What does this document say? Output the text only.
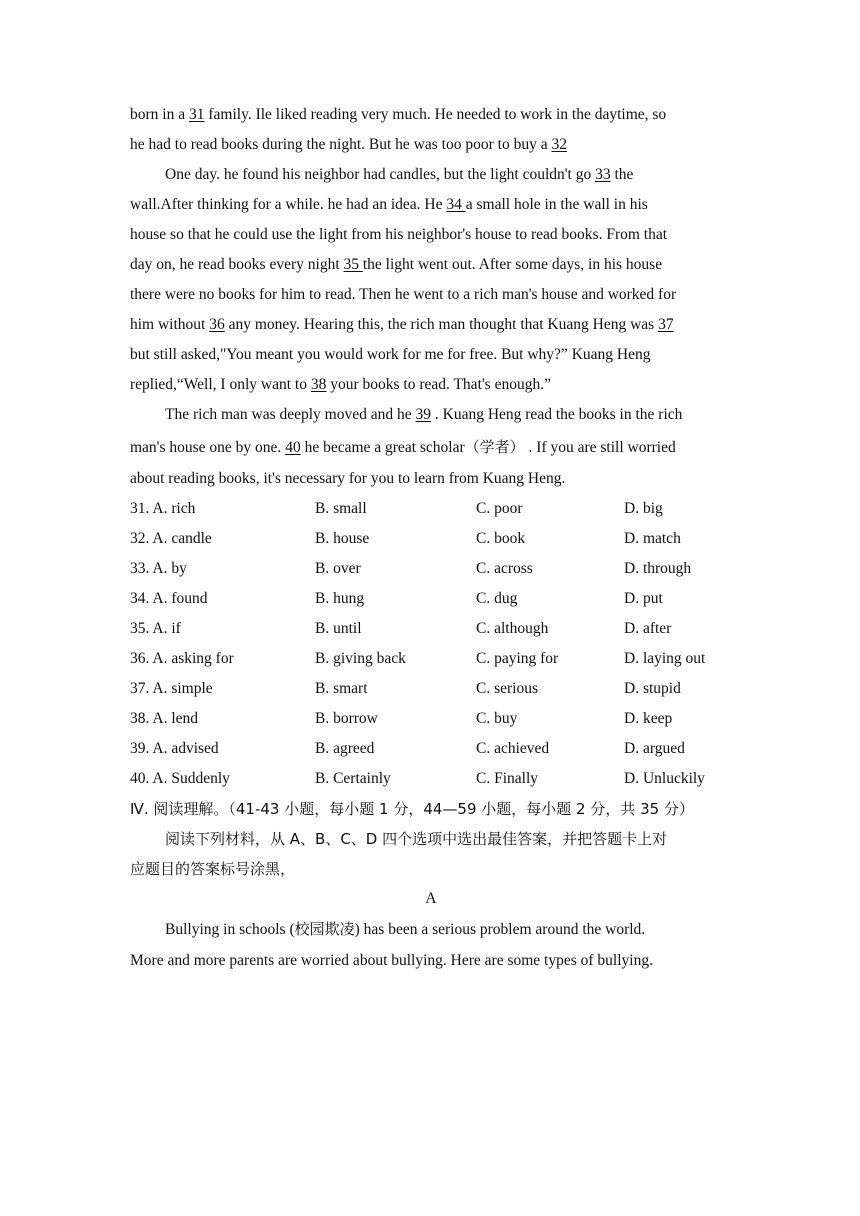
born in a 31 family. Ile liked reading very much. He needed to work in the daytime, so
he had to read books during the night. But he was too poor to buy a 32
One day. he found his neighbor had candles, but the light couldn't go 33 the
wall.After thinking for a while. he had an idea. He 34 a small hole in the wall in his
house so that he could use the light from his neighbor's house to read books. From that
day on, he read books every night 35 the light went out. After some days, in his house
there were no books for him to read. Then he went to a rich man's house and worked for
him without 36 any money. Hearing this, the rich man thought that Kuang Heng was 37
but still asked,"You meant you would work for me for free. But why?” Kuang Heng
replied,“Well, I only want to 38 your books to read. That's enough.”
The rich man was deeply moved and he 39 . Kuang Heng read the books in the rich
man's house one by one. 40 he became a great scholar（学者） . If you are still worried
about reading books, it's necessary for you to learn from Kuang Heng.
31. A. rich	B. small	C. poor	D. big
32. A. candle	B. house	C. book	D. match
33. A. by	B. over	C. across	D. through
34. A. found	B. hung	C. dug	D. put
35. A. if	B. until	C. although	D. after
36. A. asking for	B. giving back	C. paying for	D. laying out
37. A. simple	B. smart	C. serious	D. stupid
38. A. lend	B. borrow	C. buy	D. keep
39. A. advised	B. agreed	C. achieved	D. argued
40. A. Suddenly	B. Certainly	C. Finally	D. Unluckily
Ⅳ. 阅读理解。（41-43 小题，每小题 1 分，44—59 小题，每小题 2 分，共 35 分）
阅读下列材料，从 A、B、C、D 四个选项中选出最佳答案，并把答题卡上对
应题目的答案标号涂黑，
A
Bullying in schools (校园欺凌) has been a serious problem around the world.
More and more parents are worried about bullying. Here are some types of bullying.
